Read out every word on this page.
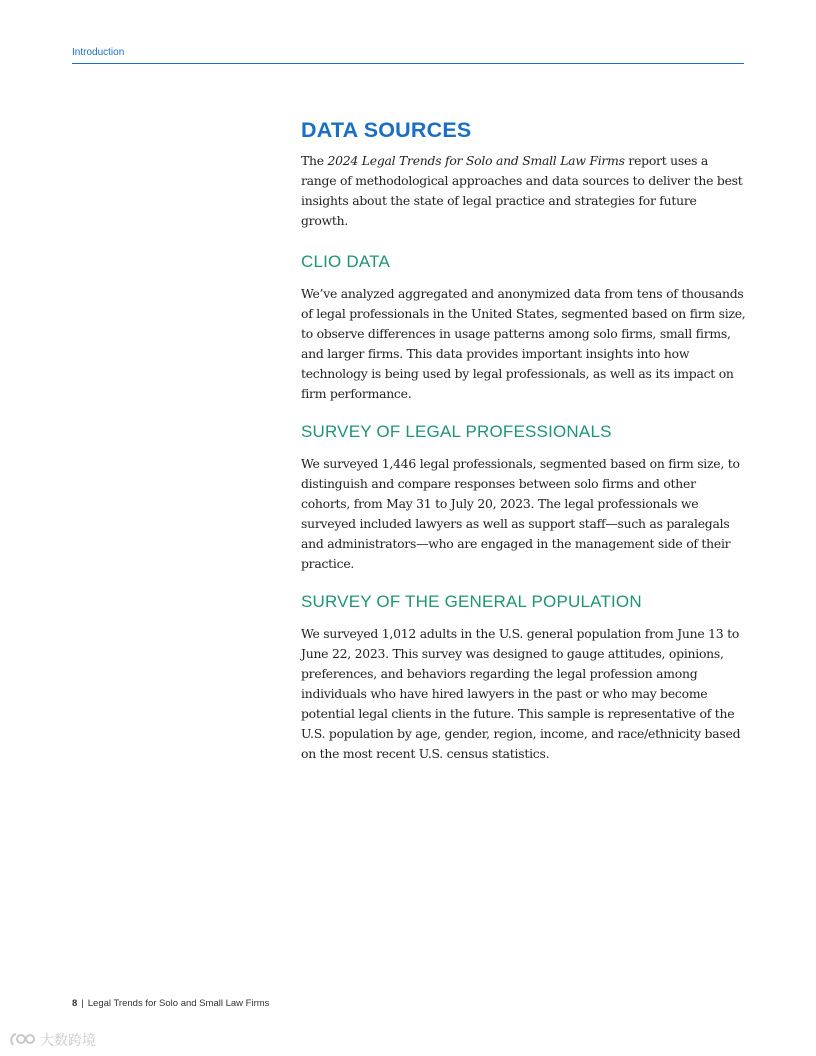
Introduction
DATA SOURCES

The 2024 Legal Trends for Solo and Small Law Firms report uses a range of methodological approaches and data sources to deliver the best insights about the state of legal practice and strategies for future growth.

CLIO DATA

We’ve analyzed aggregated and anonymized data from tens of thousands of legal professionals in the United States, segmented based on firm size, to observe differences in usage patterns among solo firms, small firms, and larger firms. This data provides important insights into how technology is being used by legal professionals, as well as its impact on firm performance.

SURVEY OF LEGAL PROFESSIONALS

We surveyed 1,446 legal professionals, segmented based on firm size, to distinguish and compare responses between solo firms and other cohorts, from May 31 to July 20, 2023. The legal professionals we surveyed included lawyers as well as support staff—such as paralegals and administrators—who are engaged in the management side of their practice.

SURVEY OF THE GENERAL POPULATION

We surveyed 1,012 adults in the U.S. general population from June 13 to June 22, 2023. This survey was designed to gauge attitudes, opinions, preferences, and behaviors regarding the legal profession among individuals who have hired lawyers in the past or who may become potential legal clients in the future. This sample is representative of the U.S. population by age, gender, region, income, and race/ethnicity based on the most recent U.S. census statistics.

8 | Legal Trends for Solo and Small Law Firms
大数跨境
